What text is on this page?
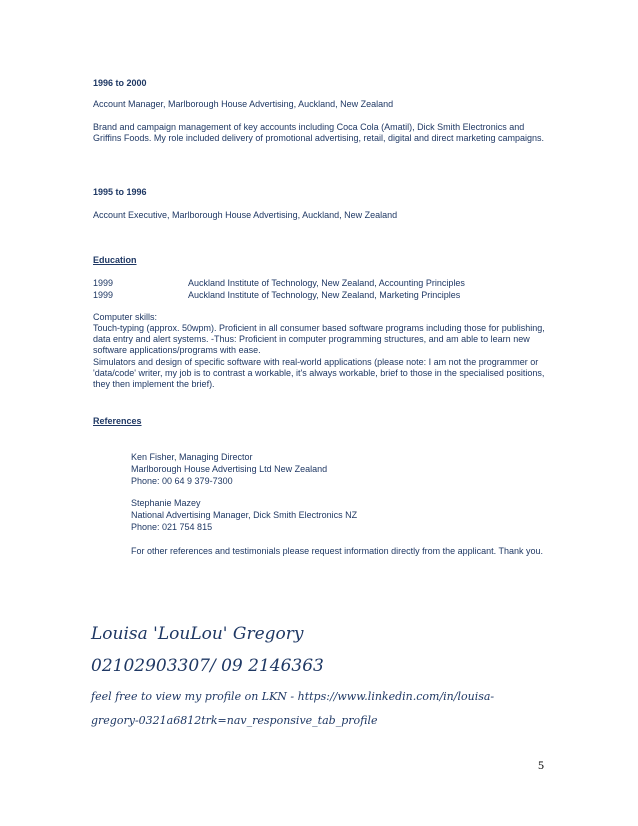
1996 to 2000
Account Manager, Marlborough House Advertising, Auckland, New Zealand
Brand and campaign management of key accounts including Coca Cola (Amatil), Dick Smith Electronics and Griffins Foods. My role included delivery of promotional advertising, retail, digital and direct marketing campaigns.
1995 to 1996
Account Executive, Marlborough House Advertising, Auckland, New Zealand
Education
1999	Auckland Institute of Technology, New Zealand, Accounting Principles
1999	Auckland Institute of Technology, New Zealand, Marketing Principles
Computer skills:
Touch-typing (approx. 50wpm). Proficient in all consumer based software programs including those for publishing, data entry and alert systems. -Thus: Proficient in computer programming structures, and am able to learn new software applications/programs with ease.
Simulators and design of specific software with real-world applications (please note: I am not the programmer or 'data/code' writer, my job is to contrast a workable, it's always workable, brief to those in the specialised positions, they then implement the brief).
References
Ken Fisher, Managing Director
Marlborough House Advertising Ltd New Zealand
Phone: 00 64 9 379-7300
Stephanie Mazey
National Advertising Manager, Dick Smith Electronics NZ
Phone: 021 754 815
For other references and testimonials please request information directly from the applicant. Thank you.
Louisa 'LouLou' Gregory
02102903307/ 09 2146363
feel free to view my profile on LKN - https://www.linkedin.com/in/louisa-
gregory-0321a6812trk=nav_responsive_tab_profile
5
